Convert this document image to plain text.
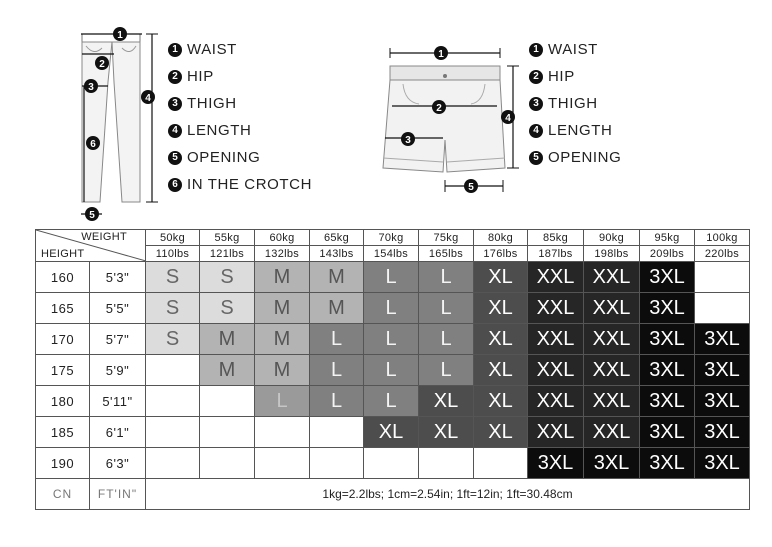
1
2
3
4
6
5
1 WAIST
2 HIP
3 THIGH
4 LENGTH
5 OPENING
6 IN THE CROTCH
1
2
3
4
5
1 WAIST
2 HIP
3 THIGH
4 LENGTH
5 OPENING
WEIGHT
HEIGHT		50kg	55kg	60kg	65kg	70kg	75kg	80kg	85kg	90kg	95kg	100kg
		110lbs	121lbs	132lbs	143lbs	154lbs	165lbs	176lbs	187lbs	198lbs	209lbs	220lbs
160	5'3"	S	S	M	M	L	L	XL	XXL	XXL	3XL	
165	5'5"	S	S	M	M	L	L	XL	XXL	XXL	3XL	
170	5'7"	S	M	M	L	L	L	XL	XXL	XXL	3XL	3XL
175	5'9"		M	M	L	L	L	XL	XXL	XXL	3XL	3XL
180	5'11"			L	L	L	XL	XL	XXL	XXL	3XL	3XL
185	6'1"					XL	XL	XL	XXL	XXL	3XL	3XL
190	6'3"								3XL	3XL	3XL	3XL
CN	FT'IN"	1kg=2.2lbs; 1cm=2.54in; 1ft=12in; 1ft=30.48cm										
